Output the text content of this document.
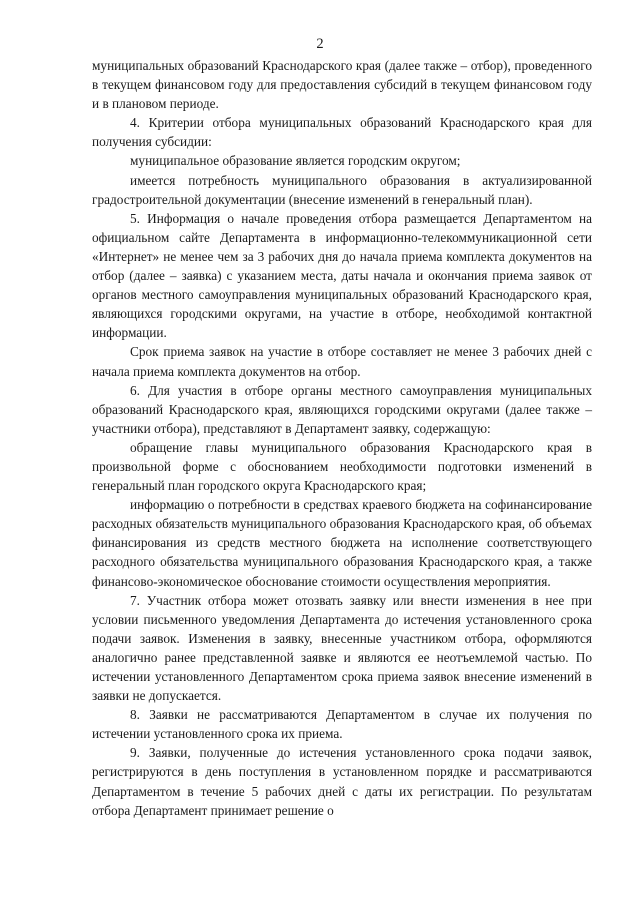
2

муниципальных образований Краснодарского края (далее также – отбор), проведенного в текущем финансовом году для предоставления субсидий в текущем финансовом году и в плановом периоде.

4. Критерии отбора муниципальных образований Краснодарского края для получения субсидии:

муниципальное образование является городским округом;

имеется потребность муниципального образования в актуализированной градостроительной документации (внесение изменений в генеральный план).

5. Информация о начале проведения отбора размещается Департаментом на официальном сайте Департамента в информационно-телекоммуникационной сети «Интернет» не менее чем за 3 рабочих дня до начала приема комплекта документов на отбор (далее – заявка) с указанием места, даты начала и окончания приема заявок от органов местного самоуправления муниципальных образований Краснодарского края, являющихся городскими округами, на участие в отборе, необходимой контактной информации.

Срок приема заявок на участие в отборе составляет не менее 3 рабочих дней с начала приема комплекта документов на отбор.

6. Для участия в отборе органы местного самоуправления муниципальных образований Краснодарского края, являющихся городскими округами (далее также – участники отбора), представляют в Департамент заявку, содержащую:

обращение главы муниципального образования Краснодарского края в произвольной форме с обоснованием необходимости подготовки изменений в генеральный план городского округа Краснодарского края;

информацию о потребности в средствах краевого бюджета на софинансирование расходных обязательств муниципального образования Краснодарского края, об объемах финансирования из средств местного бюджета на исполнение соответствующего расходного обязательства муниципального образования Краснодарского края, а также финансово-экономическое обоснование стоимости осуществления мероприятия.

7. Участник отбора может отозвать заявку или внести изменения в нее при условии письменного уведомления Департамента до истечения установленного срока подачи заявок. Изменения в заявку, внесенные участником отбора, оформляются аналогично ранее представленной заявке и являются ее неотъемлемой частью. По истечении установленного Департаментом срока приема заявок внесение изменений в заявки не допускается.

8. Заявки не рассматриваются Департаментом в случае их получения по истечении установленного срока их приема.

9. Заявки, полученные до истечения установленного срока подачи заявок, регистрируются в день поступления в установленном порядке и рассматриваются Департаментом в течение 5 рабочих дней с даты их регистрации. По результатам отбора Департамент принимает решение о
